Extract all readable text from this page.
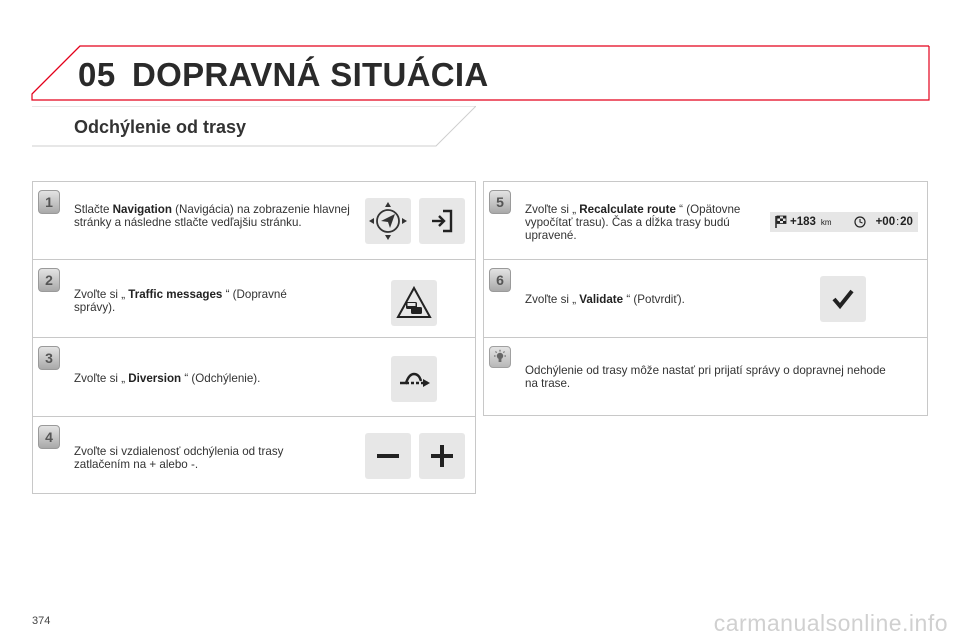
05 DOPRAVNÁ SITUÁCIA
Odchýlenie od trasy
1	Stlačte Navigation (Navigácia) na zobrazenie hlavnej stránky a následne stlačte vedľajšiu stránku.
2
Zvoľte si „ Traffic messages “ (Dopravné správy).
3
Zvoľte si „ Diversion “ (Odchýlenie).
4
Zvoľte si vzdialenosť odchýlenia od trasy zatlačením na + alebo -.
5	Zvoľte si „ Recalculate route “ (Opätovne vypočítať trasu). Čas a dĺžka trasy budú upravené.
+183 km	+00 : 20
6
Zvoľte si „ Validate “ (Potvrdiť).
Odchýlenie od trasy môže nastať pri prijatí správy o dopravnej nehode na trase.
374	carmanualsonline.info
